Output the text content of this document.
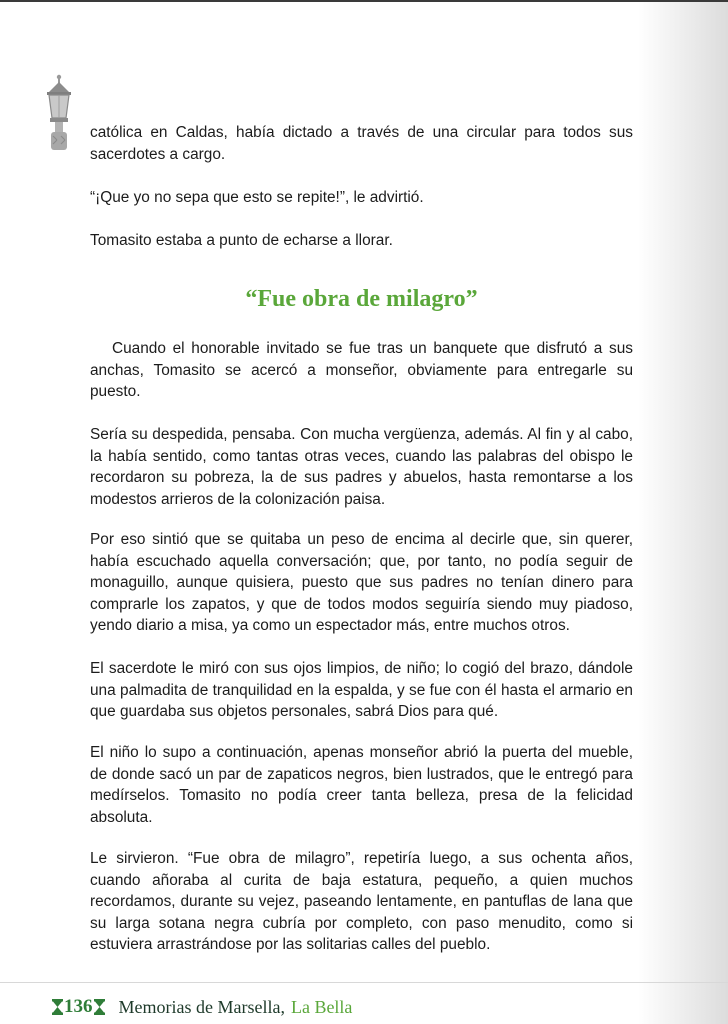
católica en Caldas, había dictado a través de una circular para todos sus sacerdotes a cargo.

“¡Que yo no sepa que esto se repite!”, le advirtió.

Tomasito estaba a punto de echarse a llorar.

“Fue obra de milagro”

Cuando el honorable invitado se fue tras un banquete que disfrutó a sus anchas, Tomasito se acercó a monseñor, obviamente para entregarle su puesto.

Sería su despedida, pensaba. Con mucha vergüenza, además. Al fin y al cabo, la había sentido, como tantas otras veces, cuando las palabras del obispo le recordaron su pobreza, la de sus padres y abuelos, hasta remontarse a los modestos arrieros de la colonización paisa.

Por eso sintió que se quitaba un peso de encima al decirle que, sin querer, había escuchado aquella conversación; que, por tanto, no podía seguir de monaguillo, aunque quisiera, puesto que sus padres no tenían dinero para comprarle los zapatos, y que de todos modos seguiría siendo muy piadoso, yendo diario a misa, ya como un espectador más, entre muchos otros.

El sacerdote le miró con sus ojos limpios, de niño; lo cogió del brazo, dándole una palmadita de tranquilidad en la espalda, y se fue con él hasta el armario en que guardaba sus objetos personales, sabrá Dios para qué.

El niño lo supo a continuación, apenas monseñor abrió la puerta del mueble, de donde sacó un par de zapaticos negros, bien lustrados, que le entregó para medírselos. Tomasito no podía creer tanta belleza, presa de la felicidad absoluta.

Le sirvieron. “Fue obra de milagro”, repetiría luego, a sus ochenta años, cuando añoraba al curita de baja estatura, pequeño, a quien muchos recordamos, durante su vejez, paseando lentamente, en pantuflas de lana que su larga sotana negra cubría por completo, con paso menudito, como si estuviera arrastrándose por las solitarias calles del pueblo.

136 Memorias de Marsella, La Bella
